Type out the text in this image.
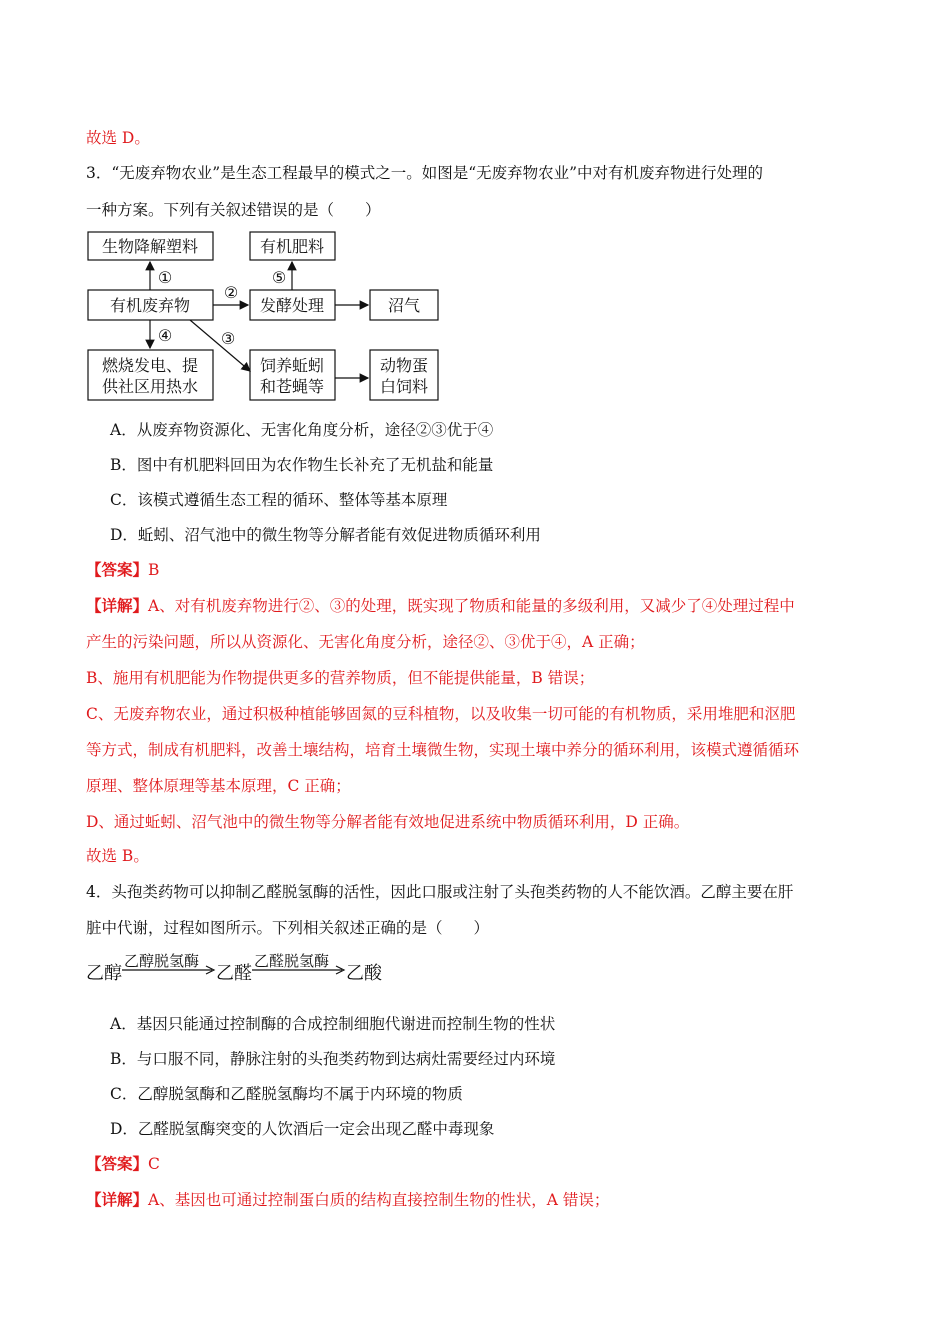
故选 D。
3．“无废弃物农业”是生态工程最早的模式之一。如图是“无废弃物农业”中对有机废弃物进行处理的
一种方案。下列有关叙述错误的是（　　）
生物降解塑料	有机肥料
有机废弃物	发酵处理	沼气
燃烧发电、提
供社区用热水
饲养蚯蚓
和苍蝇等
动物蛋
白饲料
①
②
③
④
⑤
A．从废弃物资源化、无害化角度分析，途径②③优于④
B．图中有机肥料回田为农作物生长补充了无机盐和能量
C．该模式遵循生态工程的循环、整体等基本原理
D．蚯蚓、沼气池中的微生物等分解者能有效促进物质循环利用
【答案】B
【详解】A、对有机废弃物进行②、③的处理，既实现了物质和能量的多级利用，又减少了④处理过程中
产生的污染问题，所以从资源化、无害化角度分析，途径②、③优于④，A 正确；
B、施用有机肥能为作物提供更多的营养物质，但不能提供能量，B 错误；
C、无废弃物农业，通过积极种植能够固氮的豆科植物，以及收集一切可能的有机物质，采用堆肥和沤肥
等方式，制成有机肥料，改善土壤结构，培育土壤微生物，实现土壤中养分的循环利用，该模式遵循循环
原理、整体原理等基本原理，C 正确；
D、通过蚯蚓、沼气池中的微生物等分解者能有效地促进系统中物质循环利用，D 正确。
故选 B。
4．头孢类药物可以抑制乙醛脱氢酶的活性，因此口服或注射了头孢类药物的人不能饮酒。乙醇主要在肝
脏中代谢，过程如图所示。下列相关叙述正确的是（　　）
乙醇
乙醇脱氢酶
乙醛
乙醛脱氢酶
乙酸
A．基因只能通过控制酶的合成控制细胞代谢进而控制生物的性状
B．与口服不同，静脉注射的头孢类药物到达病灶需要经过内环境
C．乙醇脱氢酶和乙醛脱氢酶均不属于内环境的物质
D．乙醛脱氢酶突变的人饮酒后一定会出现乙醛中毒现象
【答案】C
【详解】A、基因也可通过控制蛋白质的结构直接控制生物的性状，A 错误；
